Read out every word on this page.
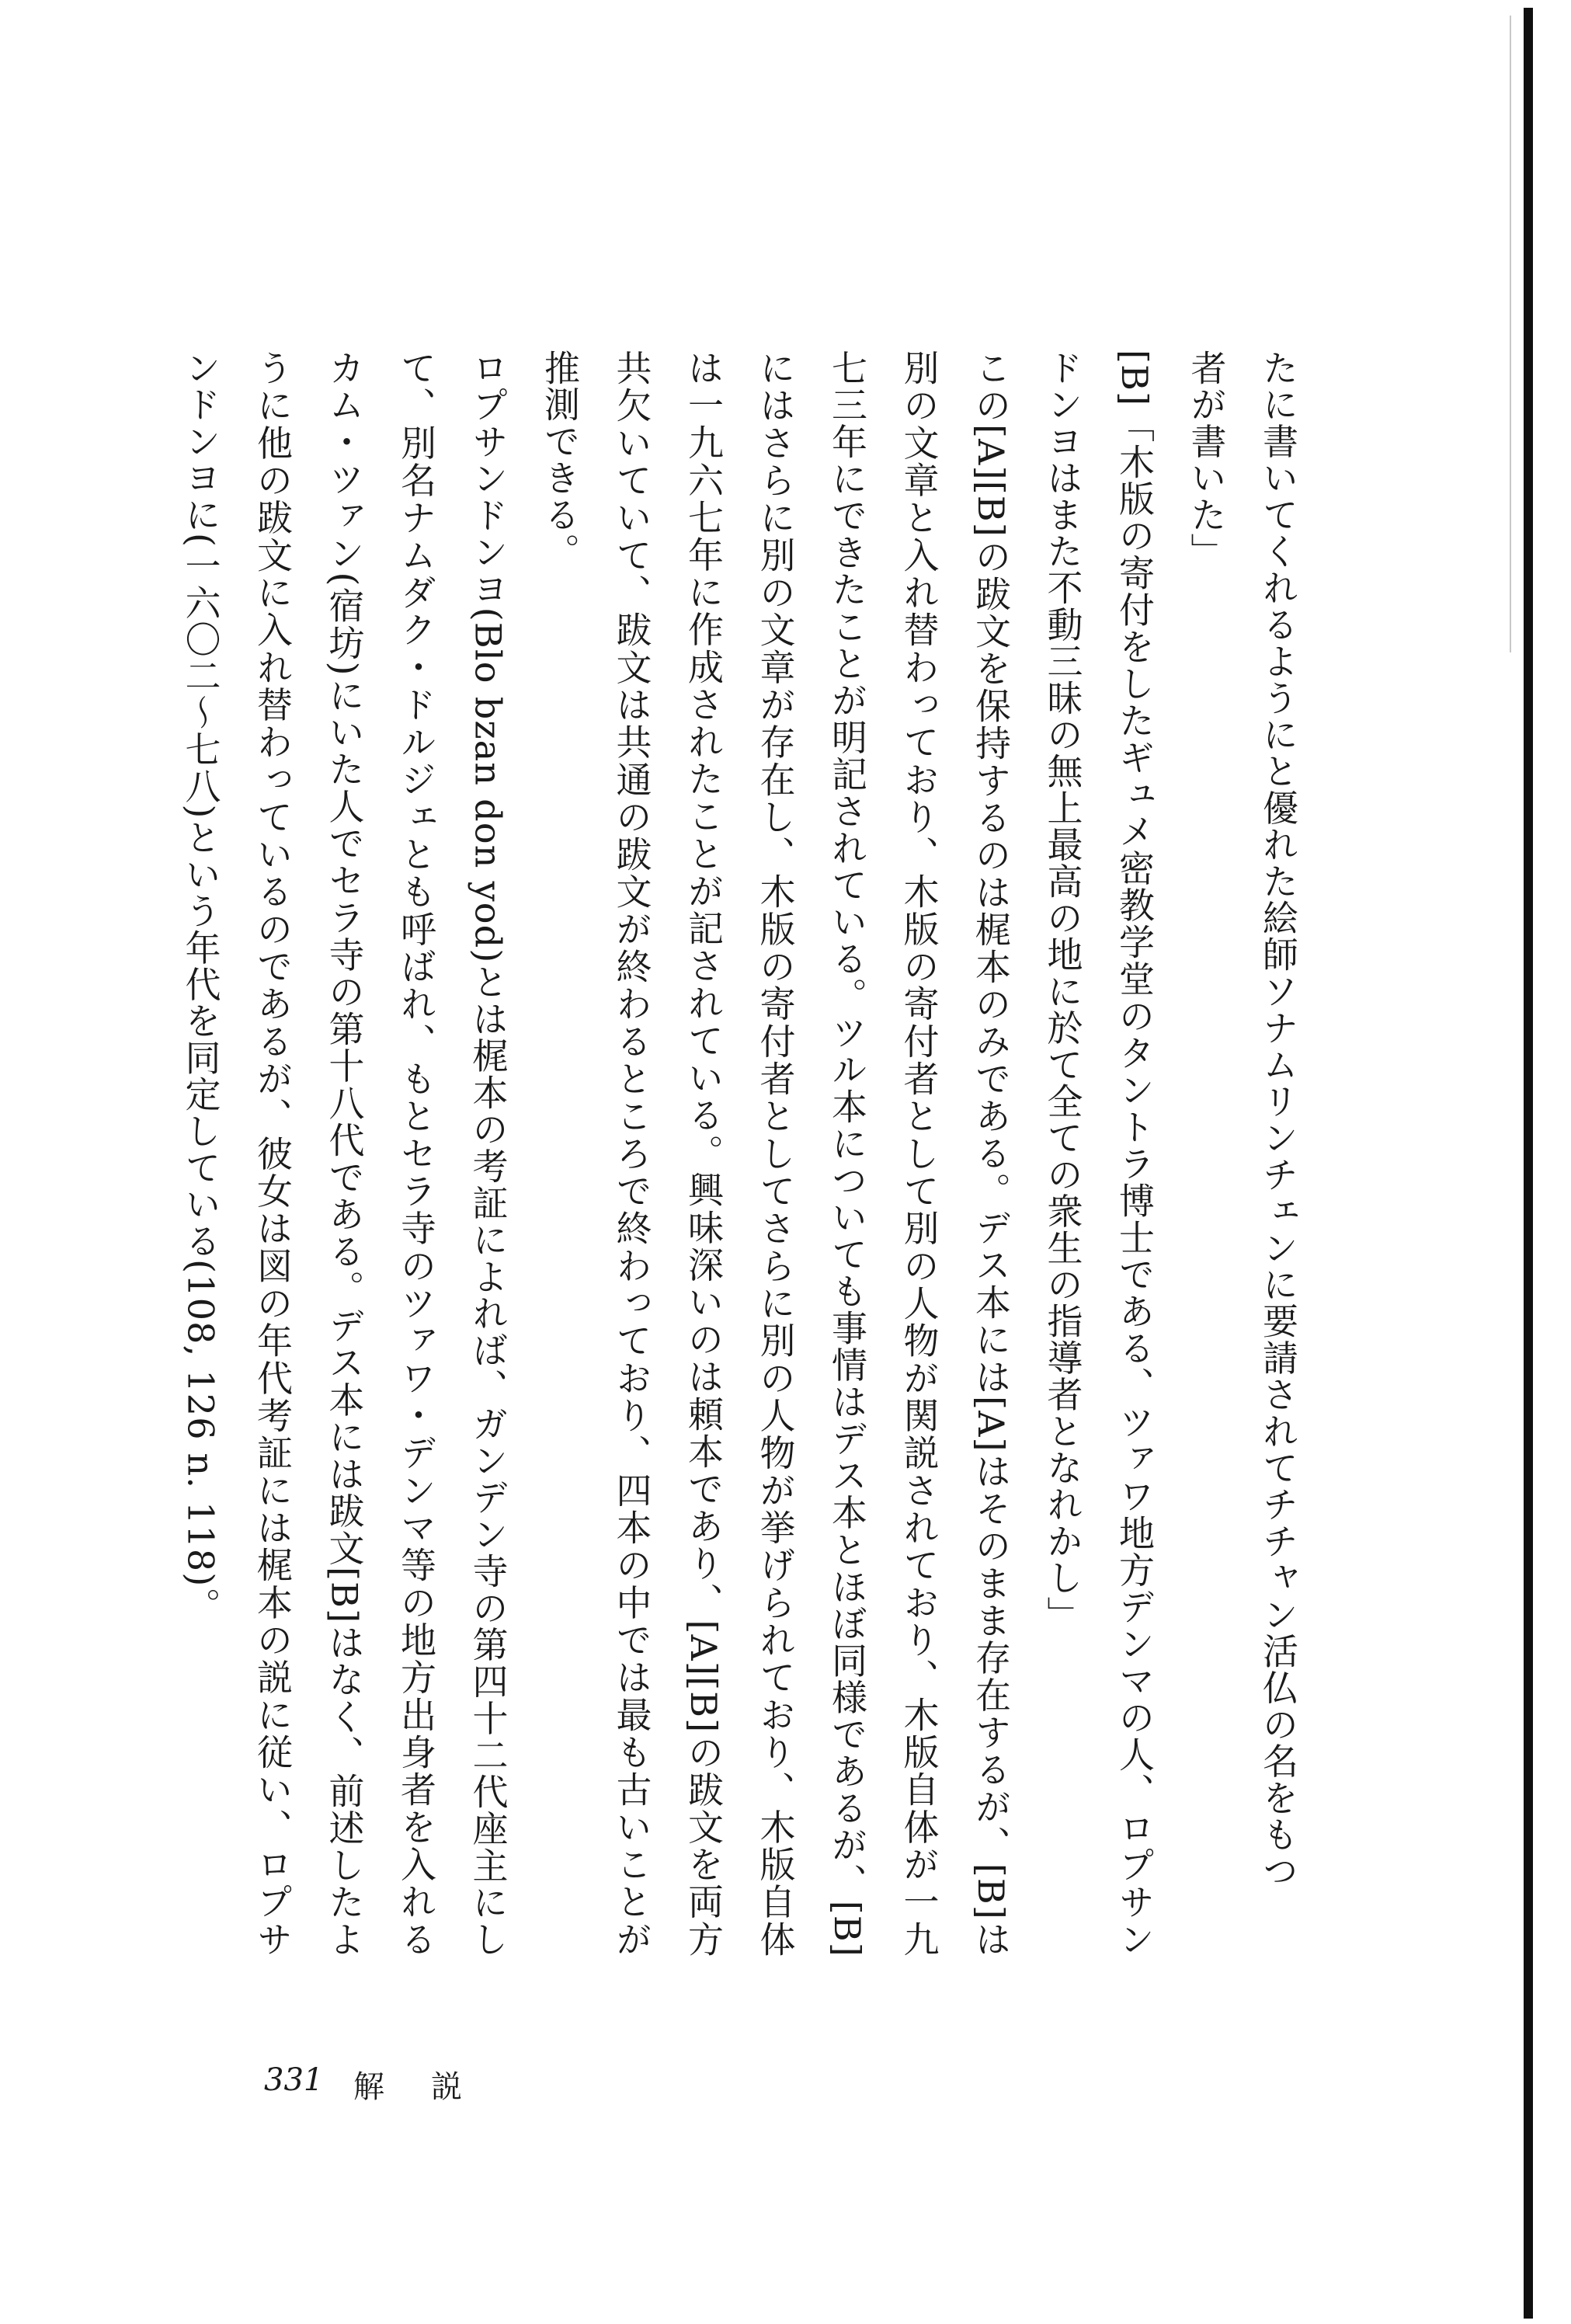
たに書いてくれるようにと優れた絵師ソナムリンチェンに要請されてチチャン活仏の名をもつ

者が書いた」

[B]「木版の寄付をしたギュメ密教学堂のタントラ博士である、ツァワ地方デンマの人、ロプサンドンヨはまた不動三昧の無上最高の地に於て全ての衆生の指導者となれかし」

この[A][B]の跋文を保持するのは梶本のみである。デス本には[A]はそのまま存在するが、[B]は別の文章と入れ替わっており、木版の寄付者として別の人物が関説されており、木版自体が一九七三年にできたことが明記されている。ツル本についても事情はデス本とほぼ同様であるが、[B]にはさらに別の文章が存在し、木版の寄付者としてさらに別の人物が挙げられており、木版自体は一九六七年に作成されたことが記されている。興味深いのは頼本であり、[A][B]の跋文を両方共欠いていて、跋文は共通の跋文が終わるところで終わっており、四本の中では最も古いことが推測できる。

ロプサンドンヨ(Blo bzan don yod)とは梶本の考証によれば、ガンデン寺の第四十二代座主にして、別名ナムダク・ドルジェとも呼ばれ、もとセラ寺のツァワ・デンマ等の地方出身者を入れるカム・ツァン(宿坊)にいた人でセラ寺の第十八代である。デス本には跋文[B]はなく、前述したように他の跋文に入れ替わっているのであるが、彼女は図の年代考証には梶本の説に従い、ロプサンドンヨに(一六〇二〜七八)という年代を同定している(108, 126 n. 118)。

331 解説
